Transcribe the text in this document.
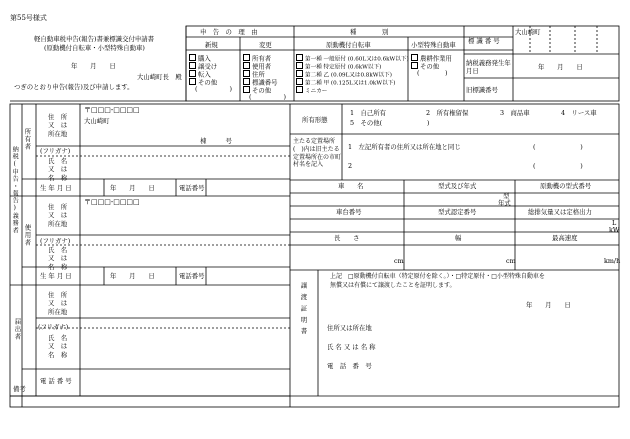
第55号様式
軽自動車税申告(報告)書兼標識交付申請書
(原動機付自転車・小型特殊自動車)
年　　月　　日
大山崎町長　殿
つぎのとおり申告(報告)及び申請します。
申　告　の　理　由
新規	変更
購入
譲受け
転入
その他
(　　　　　)
所有者
使用者
住所
標識番号
その他
(　　　　　)
種　　　　別
原動機付自転車	小型特殊自動車
第一種 一般原付 (0.60L又は0.6kW以下)
第一種 特定原付 (0.6kW以下)
第二種 乙 (0.09L又は0.8kW以下)
第二種 甲 (0.125L又は1.0kW以下)
ミニカー
農耕作業用
その他
(　　　　)
標 識 番 号
大山崎町
納税義務発生年月日	年　　月　　日
旧標識番号
納税(申告・報告)義務者
所有者
使用者
届出者
住　所
又　は
所在地
〒□□□-□□□□
大山崎町
棟　　　号
(フリガナ)
氏　名
又　は
名　称
生 年 月 日	年　　月　　日	電話番号
住　所
又　は
所在地
〒□□□-□□□□
(フリガナ)
氏　名
又　は
名　称
生 年 月 日	年　　月　　日	電話番号
住　所
又　は
所在地
(フリガナ)
氏　名
又　は
名　称
電 話 番 号
所有形態
1　自己所有	2　所有権留保	3　商品車	4　リース車
5　その他(　　　　　　　)
主たる定置場所(　)内は旧主たる定置場所在の市町村名を記入
1　左記所有者の住所又は所在地と同じ	(　　　　　　　)
2	(　　　　　　　)
車　　名	型式及び年式	原動機の型式番号
型
年式
車台番号	型式認定番号	総排気量又は定格出力
L
kW
長　　さ	幅	最高速度
cm	cm	km/h
譲渡証明書
上記　□原動機付自転車（特定原付を除く。）・□特定原付・□小型特殊自動車を
無償又は有償にて譲渡したことを証明します。
年　　月　　日
住所又は所在地
氏 名 又 は 名 称
電　話　番　号
備考
